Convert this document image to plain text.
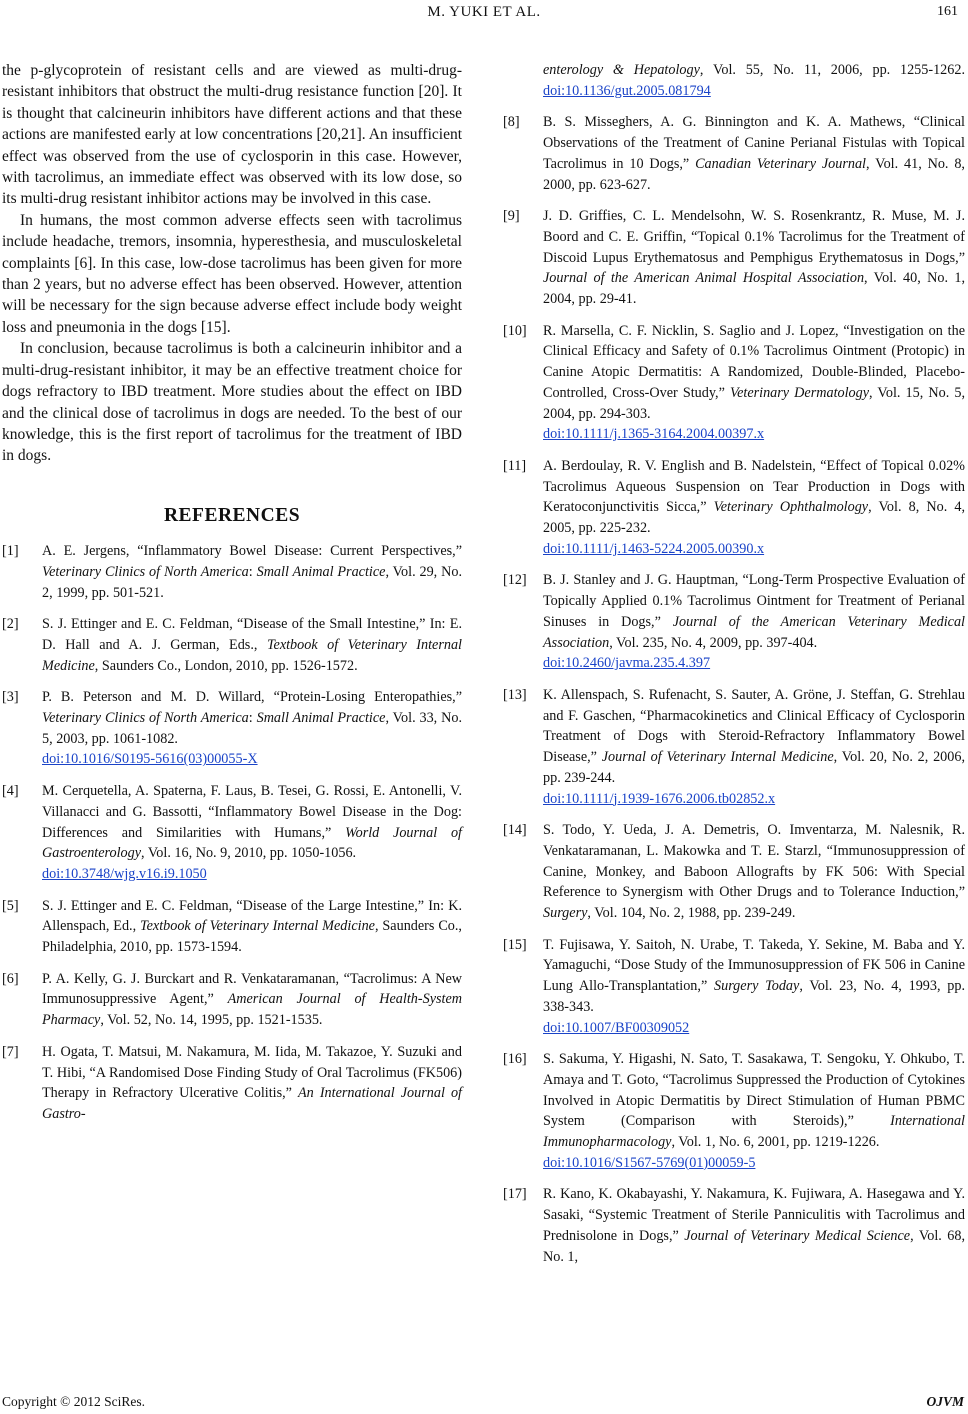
M. YUKI ET AL.	161

the p-glycoprotein of resistant cells and are viewed as multi-drug-resistant inhibitors that obstruct the multi-drug resistance function [20]. It is thought that calcineurin inhibitors have different actions and that these actions are manifested early at low concentrations [20,21]. An insufficient effect was observed from the use of cyclosporin in this case. However, with tacrolimus, an immediate effect was observed with its low dose, so its multi-drug resistant inhibitor actions may be involved in this case.

In humans, the most common adverse effects seen with tacrolimus include headache, tremors, insomnia, hyperesthesia, and musculoskeletal complaints [6]. In this case, low-dose tacrolimus has been given for more than 2 years, but no adverse effect has been observed. However, attention will be necessary for the sign because adverse effect include body weight loss and pneumonia in the dogs [15].

In conclusion, because tacrolimus is both a calcineurin inhibitor and a multi-drug-resistant inhibitor, it may be an effective treatment choice for dogs refractory to IBD treatment. More studies about the effect on IBD and the clinical dose of tacrolimus in dogs are needed. To the best of our knowledge, this is the first report of tacrolimus for the treatment of IBD in dogs.

REFERENCES
[1]	A. E. Jergens, “Inflammatory Bowel Disease: Current Perspectives,” Veterinary Clinics of North America: Small Animal Practice, Vol. 29, No. 2, 1999, pp. 501-521.
[2]	S. J. Ettinger and E. C. Feldman, “Disease of the Small Intestine,” In: E. D. Hall and A. J. German, Eds., Textbook of Veterinary Internal Medicine, Saunders Co., London, 2010, pp. 1526-1572.
[3]	P. B. Peterson and M. D. Willard, “Protein-Losing Enteropathies,” Veterinary Clinics of North America: Small Animal Practice, Vol. 33, No. 5, 2003, pp. 1061-1082.
doi:10.1016/S0195-5616(03)00055-X
[4]	M. Cerquetella, A. Spaterna, F. Laus, B. Tesei, G. Rossi, E. Antonelli, V. Villanacci and G. Bassotti, “Inflammatory Bowel Disease in the Dog: Differences and Similarities with Humans,” World Journal of Gastroenterology, Vol. 16, No. 9, 2010, pp. 1050-1056.
doi:10.3748/wjg.v16.i9.1050
[5]	S. J. Ettinger and E. C. Feldman, “Disease of the Large Intestine,” In: K. Allenspach, Ed., Textbook of Veterinary Internal Medicine, Saunders Co., Philadelphia, 2010, pp. 1573-1594.
[6]	P. A. Kelly, G. J. Burckart and R. Venkataramanan, “Tacrolimus: A New Immunosuppressive Agent,” American Journal of Health-System Pharmacy, Vol. 52, No. 14, 1995, pp. 1521-1535.
[7]	H. Ogata, T. Matsui, M. Nakamura, M. Iida, M. Takazoe, Y. Suzuki and T. Hibi, “A Randomised Dose Finding Study of Oral Tacrolimus (FK506) Therapy in Refractory Ulcerative Colitis,” An International Journal of Gastro-
enterology & Hepatology, Vol. 55, No. 11, 2006, pp. 1255-1262. doi:10.1136/gut.2005.081794
[8]	B. S. Misseghers, A. G. Binnington and K. A. Mathews, “Clinical Observations of the Treatment of Canine Perianal Fistulas with Topical Tacrolimus in 10 Dogs,” Canadian Veterinary Journal, Vol. 41, No. 8, 2000, pp. 623-627.
[9]	J. D. Griffies, C. L. Mendelsohn, W. S. Rosenkrantz, R. Muse, M. J. Boord and C. E. Griffin, “Topical 0.1% Tacrolimus for the Treatment of Discoid Lupus Erythematosus and Pemphigus Erythematosus in Dogs,” Journal of the American Animal Hospital Association, Vol. 40, No. 1, 2004, pp. 29-41.
[10]	R. Marsella, C. F. Nicklin, S. Saglio and J. Lopez, “Investigation on the Clinical Efficacy and Safety of 0.1% Tacrolimus Ointment (Protopic) in Canine Atopic Dermatitis: A Randomized, Double-Blinded, Placebo-Controlled, Cross-Over Study,” Veterinary Dermatology, Vol. 15, No. 5, 2004, pp. 294-303.
doi:10.1111/j.1365-3164.2004.00397.x
[11]	A. Berdoulay, R. V. English and B. Nadelstein, “Effect of Topical 0.02% Tacrolimus Aqueous Suspension on Tear Production in Dogs with Keratoconjunctivitis Sicca,” Veterinary Ophthalmology, Vol. 8, No. 4, 2005, pp. 225-232.
doi:10.1111/j.1463-5224.2005.00390.x
[12]	B. J. Stanley and J. G. Hauptman, “Long-Term Prospective Evaluation of Topically Applied 0.1% Tacrolimus Ointment for Treatment of Perianal Sinuses in Dogs,” Journal of the American Veterinary Medical Association, Vol. 235, No. 4, 2009, pp. 397-404.
doi:10.2460/javma.235.4.397
[13]	K. Allenspach, S. Rufenacht, S. Sauter, A. Gröne, J. Steffan, G. Strehlau and F. Gaschen, “Pharmacokinetics and Clinical Efficacy of Cyclosporin Treatment of Dogs with Steroid-Refractory Inflammatory Bowel Disease,” Journal of Veterinary Internal Medicine, Vol. 20, No. 2, 2006, pp. 239-244.
doi:10.1111/j.1939-1676.2006.tb02852.x
[14]	S. Todo, Y. Ueda, J. A. Demetris, O. Imventarza, M. Nalesnik, R. Venkataramanan, L. Makowka and T. E. Starzl, “Immunosuppression of Canine, Monkey, and Baboon Allografts by FK 506: With Special Reference to Synergism with Other Drugs and to Tolerance Induction,” Surgery, Vol. 104, No. 2, 1988, pp. 239-249.
[15]	T. Fujisawa, Y. Saitoh, N. Urabe, T. Takeda, Y. Sekine, M. Baba and Y. Yamaguchi, “Dose Study of the Immunosuppression of FK 506 in Canine Lung Allo-Transplantation,” Surgery Today, Vol. 23, No. 4, 1993, pp. 338-343.
doi:10.1007/BF00309052
[16]	S. Sakuma, Y. Higashi, N. Sato, T. Sasakawa, T. Sengoku, Y. Ohkubo, T. Amaya and T. Goto, “Tacrolimus Suppressed the Production of Cytokines Involved in Atopic Dermatitis by Direct Stimulation of Human PBMC System (Comparison with Steroids),” International Immunopharmacology, Vol. 1, No. 6, 2001, pp. 1219-1226.
doi:10.1016/S1567-5769(01)00059-5
[17]	R. Kano, K. Okabayashi, Y. Nakamura, K. Fujiwara, A. Hasegawa and Y. Sasaki, “Systemic Treatment of Sterile Panniculitis with Tacrolimus and Prednisolone in Dogs,” Journal of Veterinary Medical Science, Vol. 68, No. 1,
Copyright © 2012 SciRes.	OJVM
